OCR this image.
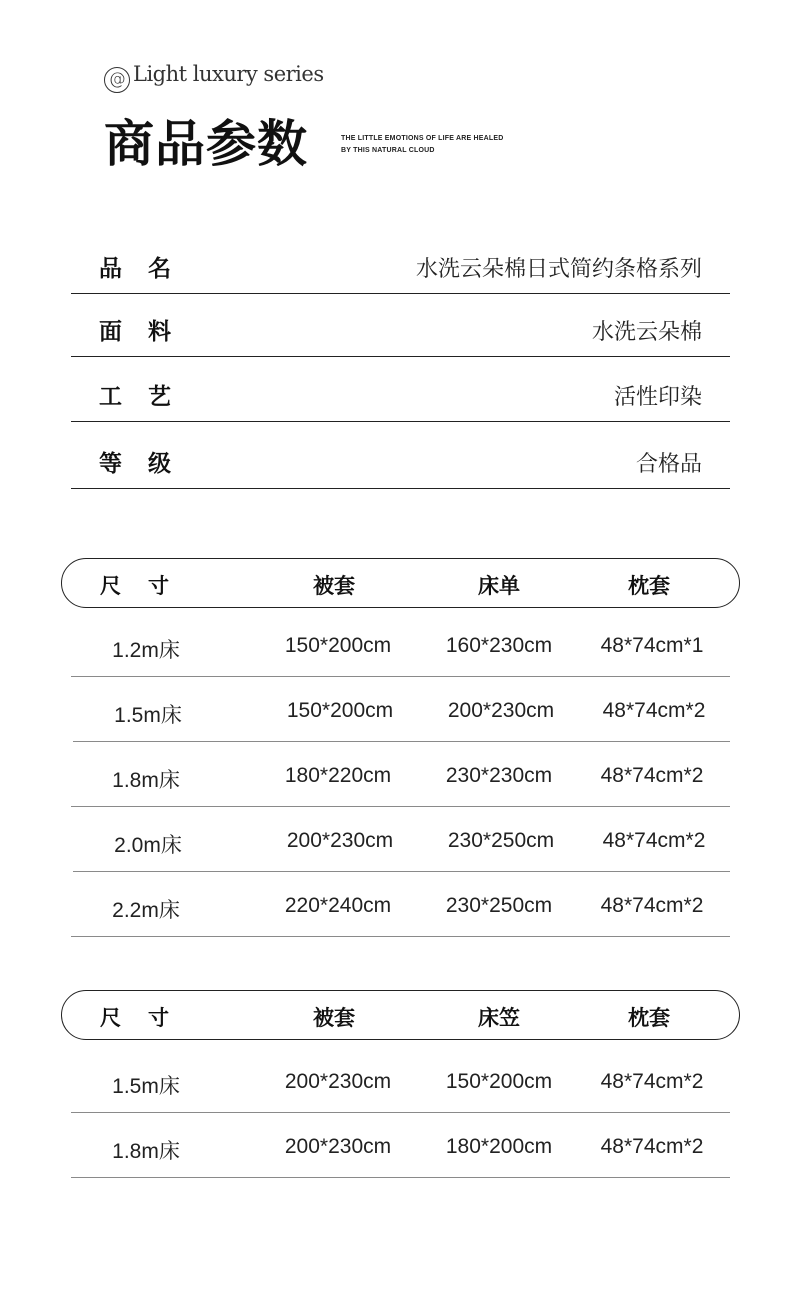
@ Light luxury series
商品参数	THE LITTLE EMOTIONS OF LIFE ARE HEALED
BY THIS NATURAL CLOUD
品名	水洗云朵棉日式简约条格系列
面料	水洗云朵棉
工艺	活性印染
等级	合格品
尺寸	被套	床单	枕套
1.2m床	150*200cm	160*230cm 48*74cm*1
1.5m床	150*200cm	200*230cm 48*74cm*2
1.8m床	180*220cm	230*230cm 48*74cm*2
2.0m床	200*230cm	230*250cm 48*74cm*2
2.2m床	220*240cm	230*250cm 48*74cm*2
尺寸	被套	床笠	枕套
1.5m床	200*230cm	150*200cm 48*74cm*2
1.8m床	200*230cm	180*200cm 48*74cm*2
